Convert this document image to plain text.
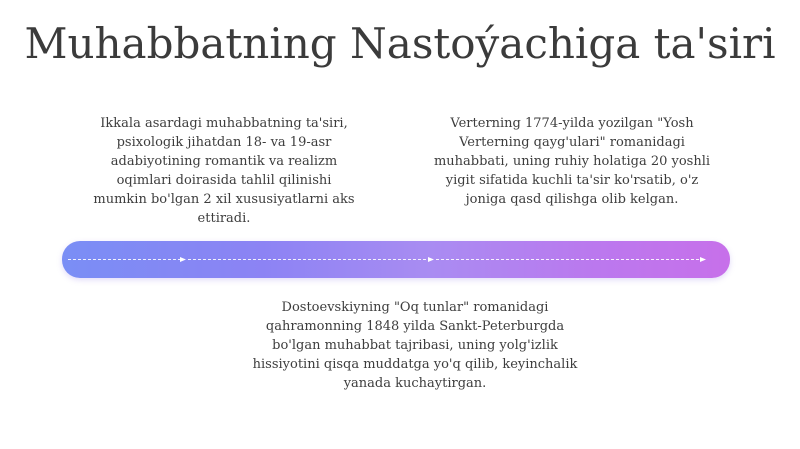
Muhabbatning Nastoýachiga ta'siri
Ikkala asardagi muhabbatning ta'siri,
psixologik jihatdan 18- va 19-asr
adabiyotining romantik va realizm
oqimlari doirasida tahlil qilinishi
mumkin bo'lgan 2 xil xususiyatlarni aks
ettiradi.
Verterning 1774-yilda yozilgan "Yosh
Verterning qayg'ulari" romanidagi
muhabbati, uning ruhiy holatiga 20 yoshli
yigit sifatida kuchli ta'sir ko'rsatib, o'z
joniga qasd qilishga olib kelgan.
Dostoevskiyning "Oq tunlar" romanidagi
qahramonning 1848 yilda Sankt-Peterburgda
bo'lgan muhabbat tajribasi, uning yolg'izlik
hissiyotini qisqa muddatga yo'q qilib, keyinchalik
yanada kuchaytirgan.
